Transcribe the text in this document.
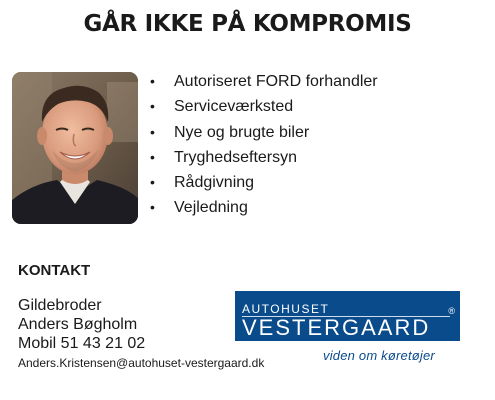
GÅR IKKE PÅ KOMPROMIS
• Autoriseret FORD forhandler
• Serviceværksted
• Nye og brugte biler
• Tryghedseftersyn
• Rådgivning
• Vejledning
KONTAKT
Gildebroder
Anders Bøgholm
Mobil 51 43 21 02
Anders.Kristensen@autohuset-vestergaard.dk
AUTOHUSET
VESTERGAARD
®
viden om køretøjer
